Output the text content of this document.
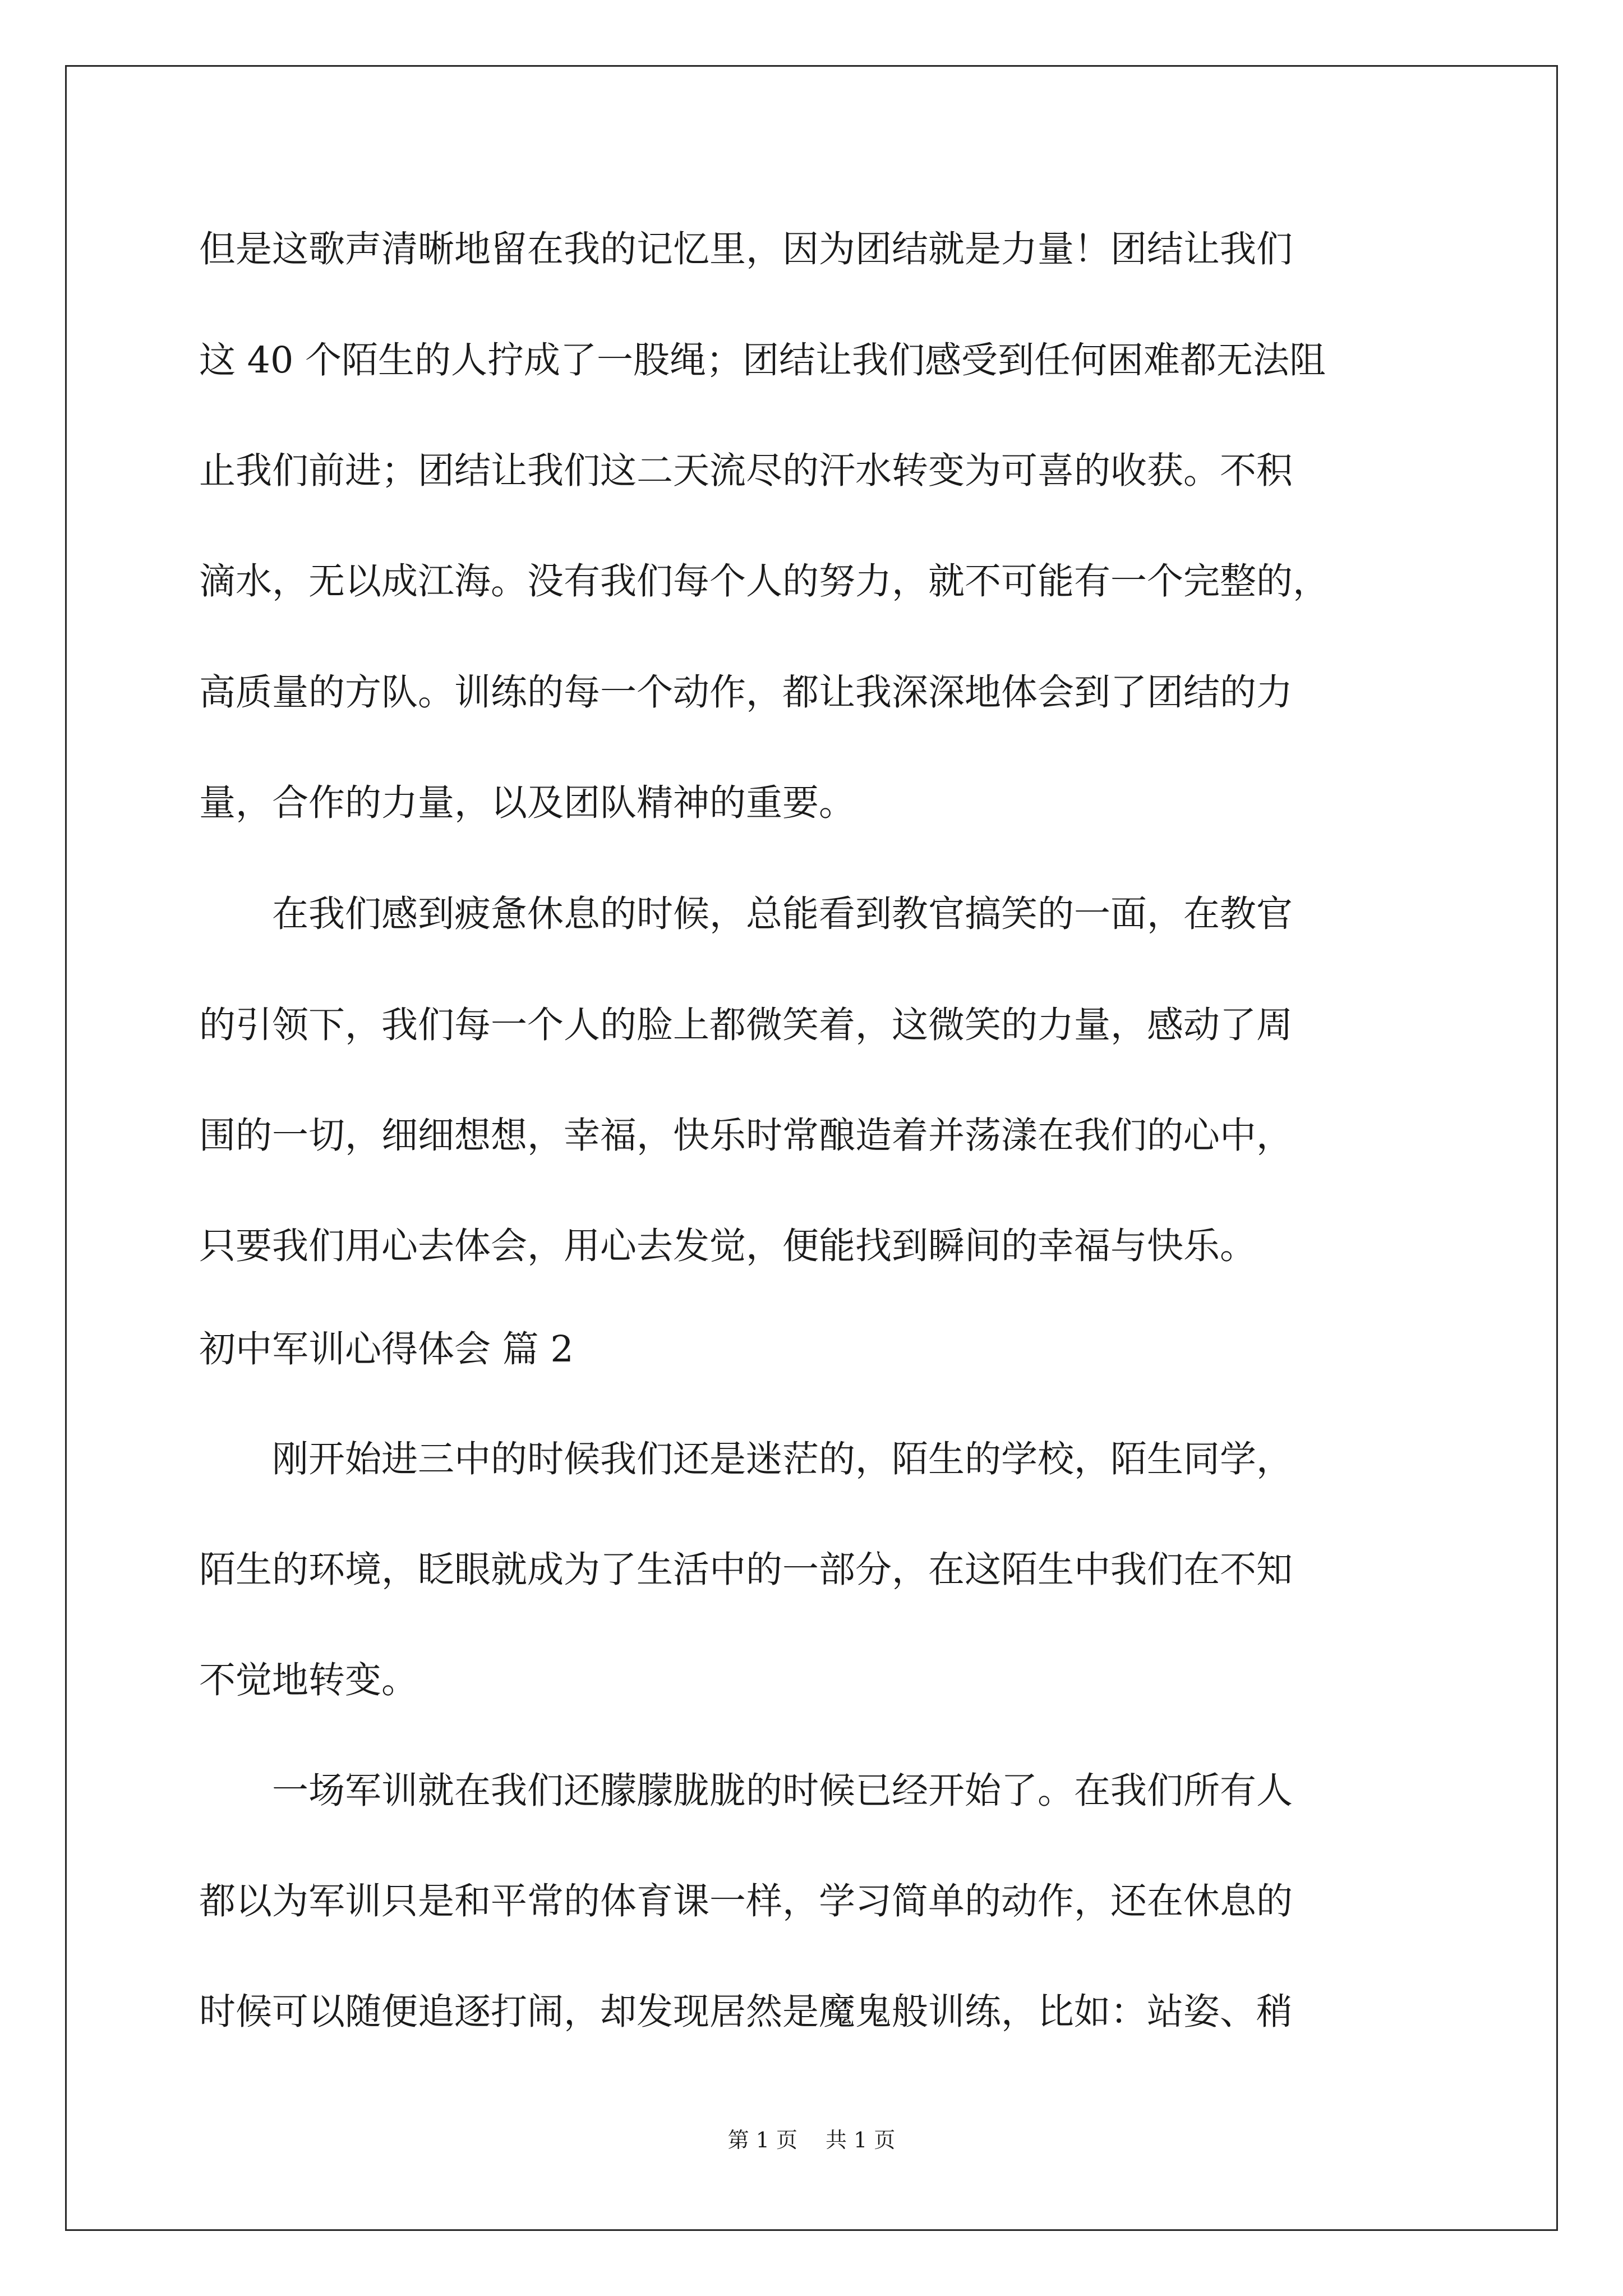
但是这歌声清晰地留在我的记忆里，因为团结就是力量！团结让我们

这 40 个陌生的人拧成了一股绳；团结让我们感受到任何困难都无法阻

止我们前进；团结让我们这二天流尽的汗水转变为可喜的收获。不积

滴水，无以成江海。没有我们每个人的努力，就不可能有一个完整的，

高质量的方队。训练的每一个动作，都让我深深地体会到了团结的力

量，合作的力量，以及团队精神的重要。

在我们感到疲惫休息的时候，总能看到教官搞笑的一面，在教官

的引领下，我们每一个人的脸上都微笑着，这微笑的力量，感动了周

围的一切，细细想想，幸福，快乐时常酿造着并荡漾在我们的心中，

只要我们用心去体会，用心去发觉，便能找到瞬间的幸福与快乐。

初中军训心得体会 篇 2

刚开始进三中的时候我们还是迷茫的，陌生的学校，陌生同学，

陌生的环境，眨眼就成为了生活中的一部分，在这陌生中我们在不知

不觉地转变。

一场军训就在我们还朦朦胧胧的时候已经开始了。在我们所有人

都以为军训只是和平常的体育课一样，学习简单的动作，还在休息的

时候可以随便追逐打闹，却发现居然是魔鬼般训练，比如：站姿、稍

第 1 页 共 1 页
